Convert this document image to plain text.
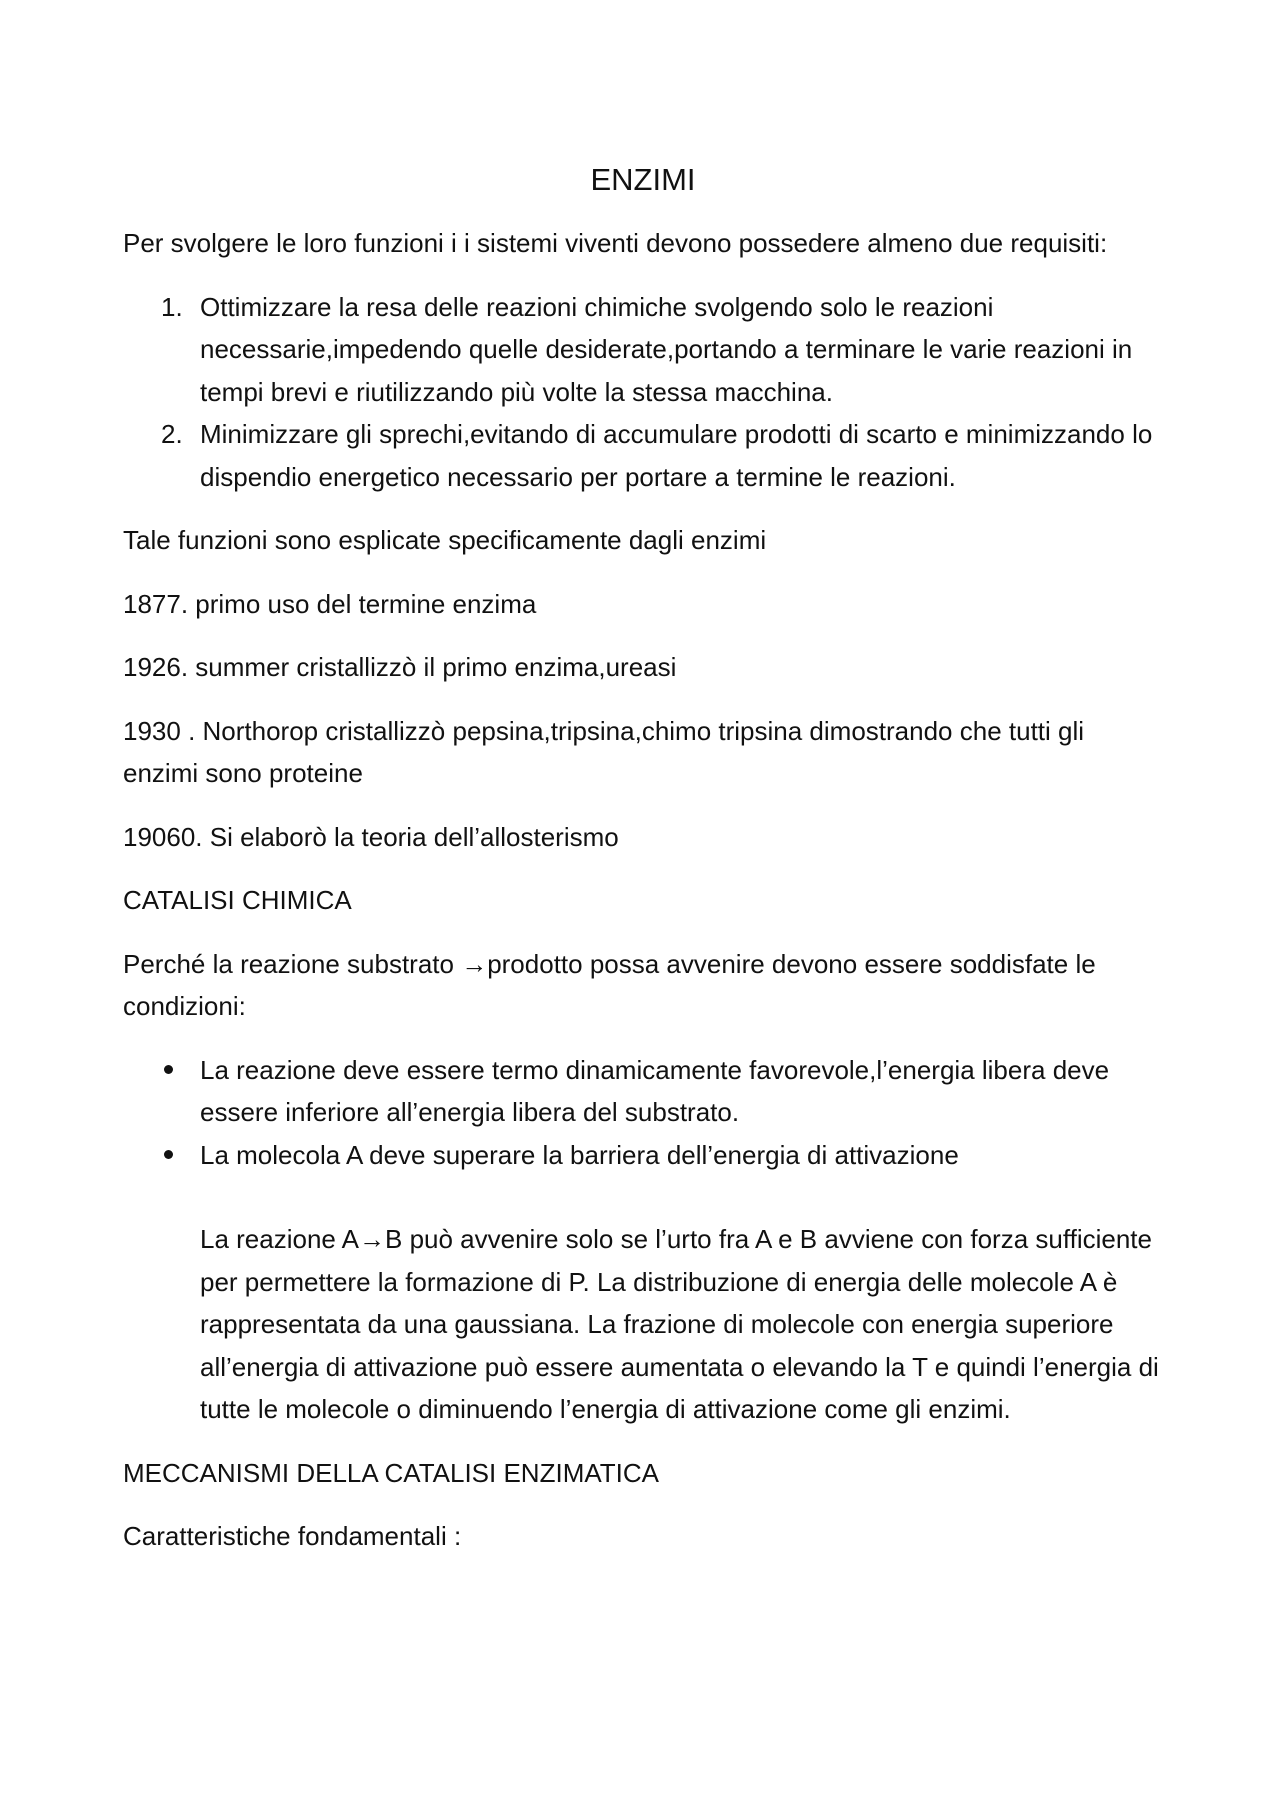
ENZIMI

Per svolgere le loro funzioni i i sistemi viventi devono possedere almeno due requisiti:

1. Ottimizzare la resa delle reazioni chimiche svolgendo solo le reazioni necessarie,impedendo quelle desiderate,portando a terminare le varie reazioni in tempi brevi e riutilizzando più volte la stessa macchina.
2. Minimizzare gli sprechi,evitando di accumulare prodotti di scarto e minimizzando lo dispendio energetico necessario per portare a termine le reazioni.

Tale funzioni sono esplicate specificamente dagli enzimi

1877. primo uso del termine enzima

1926. summer cristallizzò il primo enzima,ureasi

1930 . Northorop cristallizzò pepsina,tripsina,chimo tripsina dimostrando che tutti gli enzimi sono proteine

19060. Si elaborò la teoria dell’allosterismo

CATALISI CHIMICA

Perché la reazione substrato →prodotto possa avvenire devono essere soddisfate le condizioni:

La reazione deve essere termo dinamicamente favorevole,l’energia libera deve essere inferiore all’energia libera del substrato.
La molecola A deve superare la barriera dell’energia di attivazione

La reazione A→B può avvenire solo se l’urto fra A e B avviene con forza sufficiente per permettere la formazione di P. La distribuzione di energia delle molecole A è rappresentata da una gaussiana. La frazione di molecole con energia superiore all’energia di attivazione può essere aumentata o elevando la T e quindi l’energia di tutte le molecole o diminuendo l’energia di attivazione come gli enzimi.

MECCANISMI DELLA CATALISI ENZIMATICA

Caratteristiche fondamentali :
